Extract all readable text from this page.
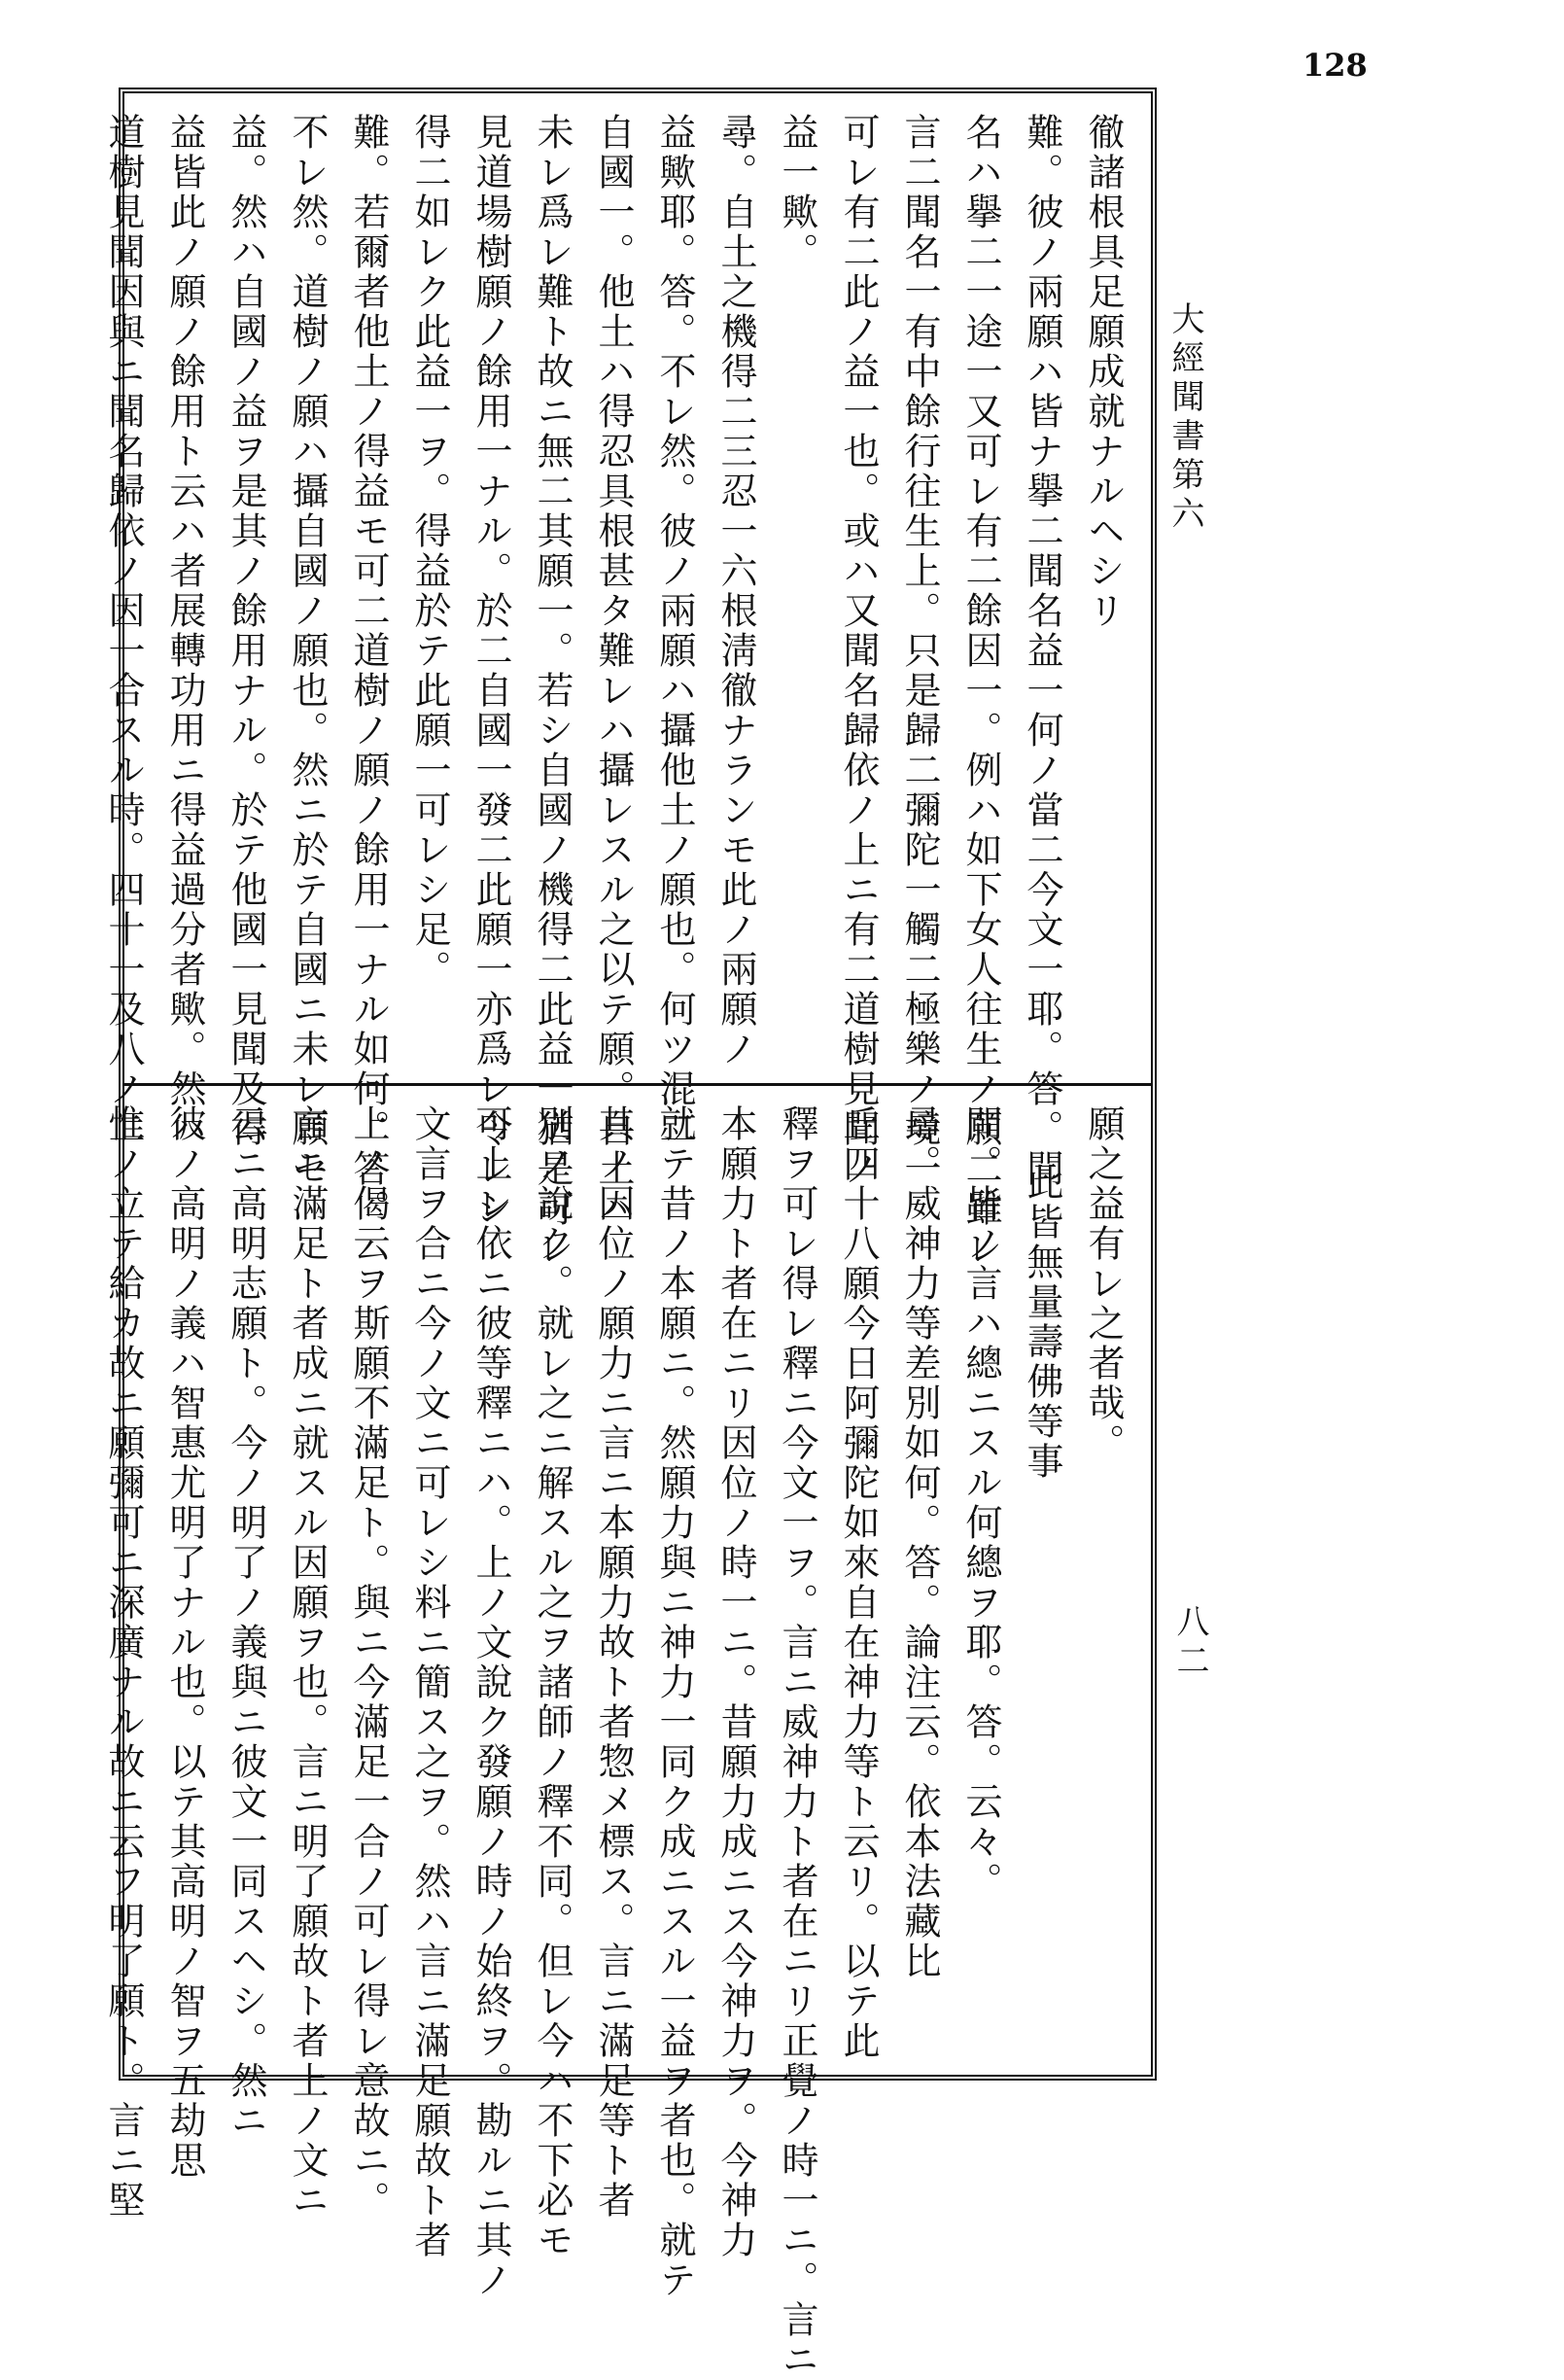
128
大經聞書第六
八二
徹諸根具足願成就ナルヘシリ
難。彼ノ兩願ハ皆ナ擧二聞名益一何ノ當二今文一耶。答。聞
名ハ擧二一途一又可レ有二餘因一。例ハ如下女人往生ノ願二雖レ
言二聞名一有中餘行往生上。只是歸二彌陀一觸二極樂ノ境一
可レ有二此ノ益一也。或ハ又聞名歸依ノ上ニ有二道樹見聞ノ
益一歟。
尋。自土之機得二三忍一六根淸徹ナランモ此ノ兩願ノ
益歟耶。答。不レ然。彼ノ兩願ハ攝他土ノ願也。何ツ混二
自國一。他土ハ得忍具根甚タ難レハ攝レスル之以テ願。自土ハ
未レ爲レ難ト故ニ無二其願一。若シ自國ノ機得二此益一猶是可レ
見道場樹願ノ餘用一ナル。於二自國一發二此願一亦爲レ令レシ
得二如レク此益一ヲ。得益於テ此願一可レシ足。
難。若爾者他土ノ得益モ可二道樹ノ願ノ餘用一ナル如何。答。
不レ然。道樹ノ願ハ攝自國ノ願也。然ニ於テ自國ニ未レ願セ
益。然ハ自國ノ益ヲ是其ノ餘用ナル。於テ他國一見聞及得
益皆此ノ願ノ餘用ト云ハ者展轉功用ニ得益過分者歟。然ハ
道樹見聞因與ニ聞名歸依ノ因一合スル時。四十一及八ノ二
願之益有レ之者哉。
此皆無量壽佛等事
問。皆ノ言ハ總ニスル何總ヲ耶。答。云々。
尋。威神力等差別如何。答。論注云。依本法藏比
丘四十八願今日阿彌陀如來自在神力等ト云リ。以テ此
釋ヲ可レ得レ釋ニ今文一ヲ。言ニ威神力ト者在ニリ正覺ノ時一ニ。言ニ
本願力ト者在ニリ因位ノ時一ニ。昔願力成ニス今神力ヲ。今神力
就テ昔ノ本願ニ。然願力與ニ神力一同ク成ニスル一益ヲ者也。就テ
其ノ因位ノ願力ニ言ニ本願力故ト者惣メ標ス。言ニ滿足等ト者
別ノ說ク。就レ之ニ解スル之ヲ諸師ノ釋不同。但レ今ハ不下必モ
可上レ依ニ彼等釋ニハ。上ノ文說ク發願ノ時ノ始終ヲ。勘ルニ其ノ
文言ヲ合ニ今ノ文ニ可レシ料ニ簡ス之ヲ。然ハ言ニ滿足願故ト者
上ノ偈云ヲ斯願不滿足ト。與ニ今滿足一合ノ可レ得レ意故ニ。
言ニ滿足ト者成ニ就スル因願ヲ也。言ニ明了願故ト者上ノ文ニ
云ニ高明志願ト。今ノ明了ノ義與ニ彼文一同スヘシ。然ニ
彼ノ高明ノ義ハ智惠尤明了ナル也。以テ其高明ノ智ヲ五劫思
惟ノ立テ給カ故ニ願彌可ニ深廣ナル故ニ云フ明了願ト。言ニ堅
